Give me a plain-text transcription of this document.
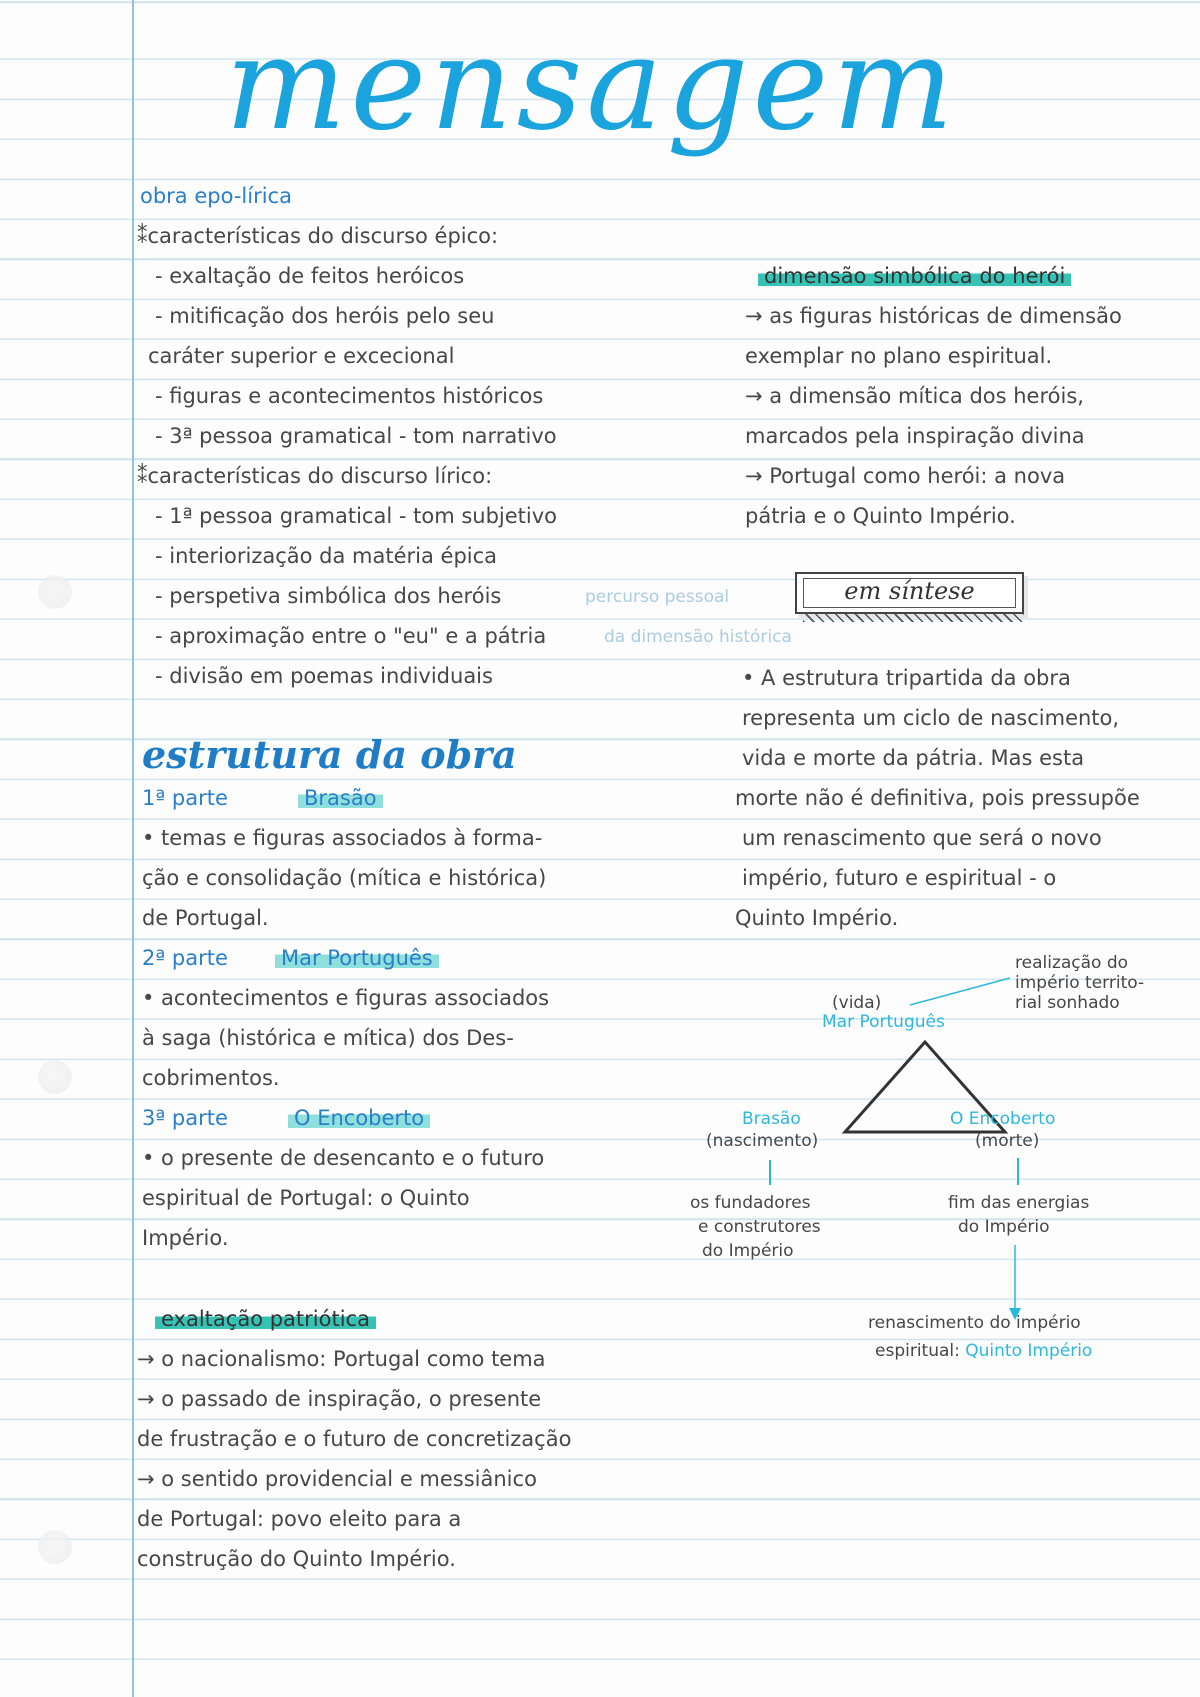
mensagem
obra epo-lírica
⁑características do discurso épico:
- exaltação de feitos heróicos
- mitificação dos heróis pelo seu
caráter superior e excecional
- figuras e acontecimentos históricos
- 3ª pessoa gramatical - tom narrativo
⁑características do discurso lírico:
- 1ª pessoa gramatical - tom subjetivo
- interiorização da matéria épica
- perspetiva simbólica dos heróis	percurso pessoal
- aproximação entre o "eu" e a pátria	da dimensão histórica
- divisão em poemas individuais
estrutura da obra
1ª parte	Brasão
• temas e figuras associados à forma-
ção e consolidação (mítica e histórica)
de Portugal.
2ª parte	Mar Português
• acontecimentos e figuras associados
à saga (histórica e mítica) dos Des-
cobrimentos.
3ª parte	O Encoberto
• o presente de desencanto e o futuro
espiritual de Portugal: o Quinto
Império.
exaltação patriótica
→ o nacionalismo: Portugal como tema
→ o passado de inspiração, o presente
de frustração e o futuro de concretização
→ o sentido providencial e messiânico
de Portugal: povo eleito para a
construção do Quinto Império.
dimensão simbólica do herói
→ as figuras históricas de dimensão
exemplar no plano espiritual.
→ a dimensão mítica dos heróis,
marcados pela inspiração divina
→ Portugal como herói: a nova
pátria e o Quinto Império.
em síntese
• A estrutura tripartida da obra
representa um ciclo de nascimento,
vida e morte da pátria. Mas esta
morte não é definitiva, pois pressupõe
um renascimento que será o novo
império, futuro e espiritual - o
Quinto Império.
realização do
império territo-
rial sonhado
(vida)
Mar Português
Brasão
(nascimento)
O Encoberto
(morte)
os fundadores
e construtores
do Império
fim das energias
do Império
renascimento do império
espiritual: Quinto Império
